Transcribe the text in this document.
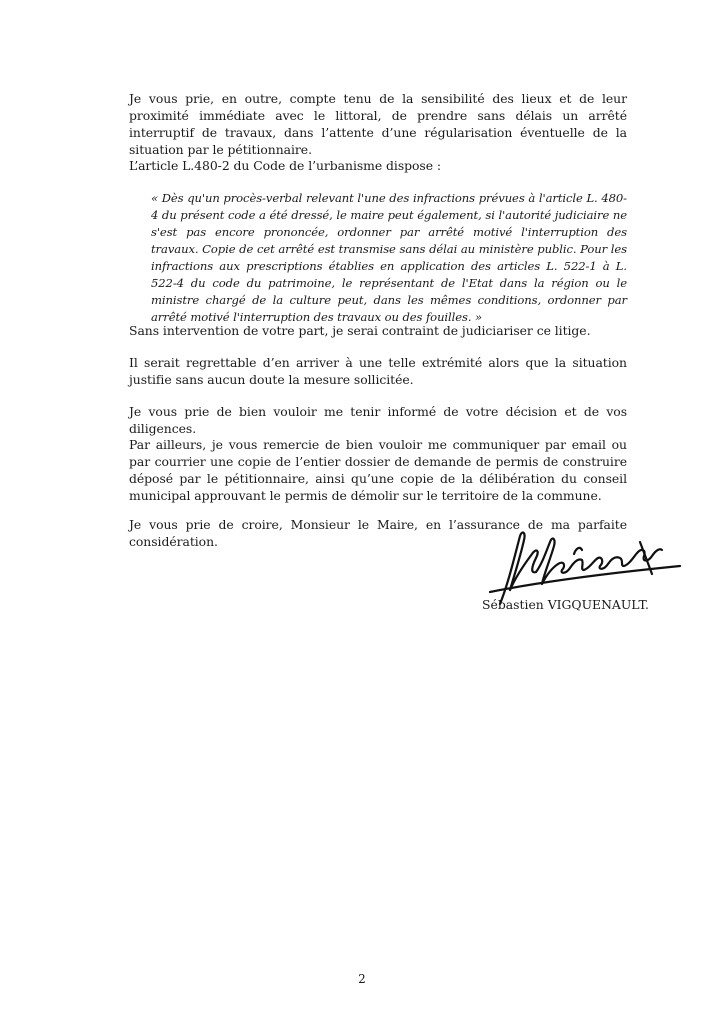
Je vous prie, en outre, compte tenu de la sensibilité des lieux et de leur proximité immédiate avec le littoral, de prendre sans délais un arrêté interruptif de travaux, dans l’attente d’une régularisation éventuelle de la situation par le pétitionnaire.

L’article L.480-2 du Code de l’urbanisme dispose :

« Dès qu'un procès-verbal relevant l'une des infractions prévues à l'article L. 480-4 du présent code a été dressé, le maire peut également, si l'autorité judiciaire ne s'est pas encore prononcée, ordonner par arrêté motivé l'interruption des travaux. Copie de cet arrêté est transmise sans délai au ministère public. Pour les infractions aux prescriptions établies en application des articles L. 522-1 à L. 522-4 du code du patrimoine, le représentant de l'Etat dans la région ou le ministre chargé de la culture peut, dans les mêmes conditions, ordonner par arrêté motivé l'interruption des travaux ou des fouilles. »

Sans intervention de votre part, je serai contraint de judiciariser ce litige.

Il serait regrettable d’en arriver à une telle extrémité alors que la situation justifie sans aucun doute la mesure sollicitée.

Je vous prie de bien vouloir me tenir informé de votre décision et de vos diligences.

Par ailleurs, je vous remercie de bien vouloir me communiquer par email ou par courrier une copie de l’entier dossier de demande de permis de construire déposé par le pétitionnaire, ainsi qu’une copie de la délibération du conseil municipal approuvant le permis de démolir sur le territoire de la commune.

Je vous prie de croire, Monsieur le Maire, en l’assurance de ma parfaite considération.

Sébastien VIGQUENAULT.

2
